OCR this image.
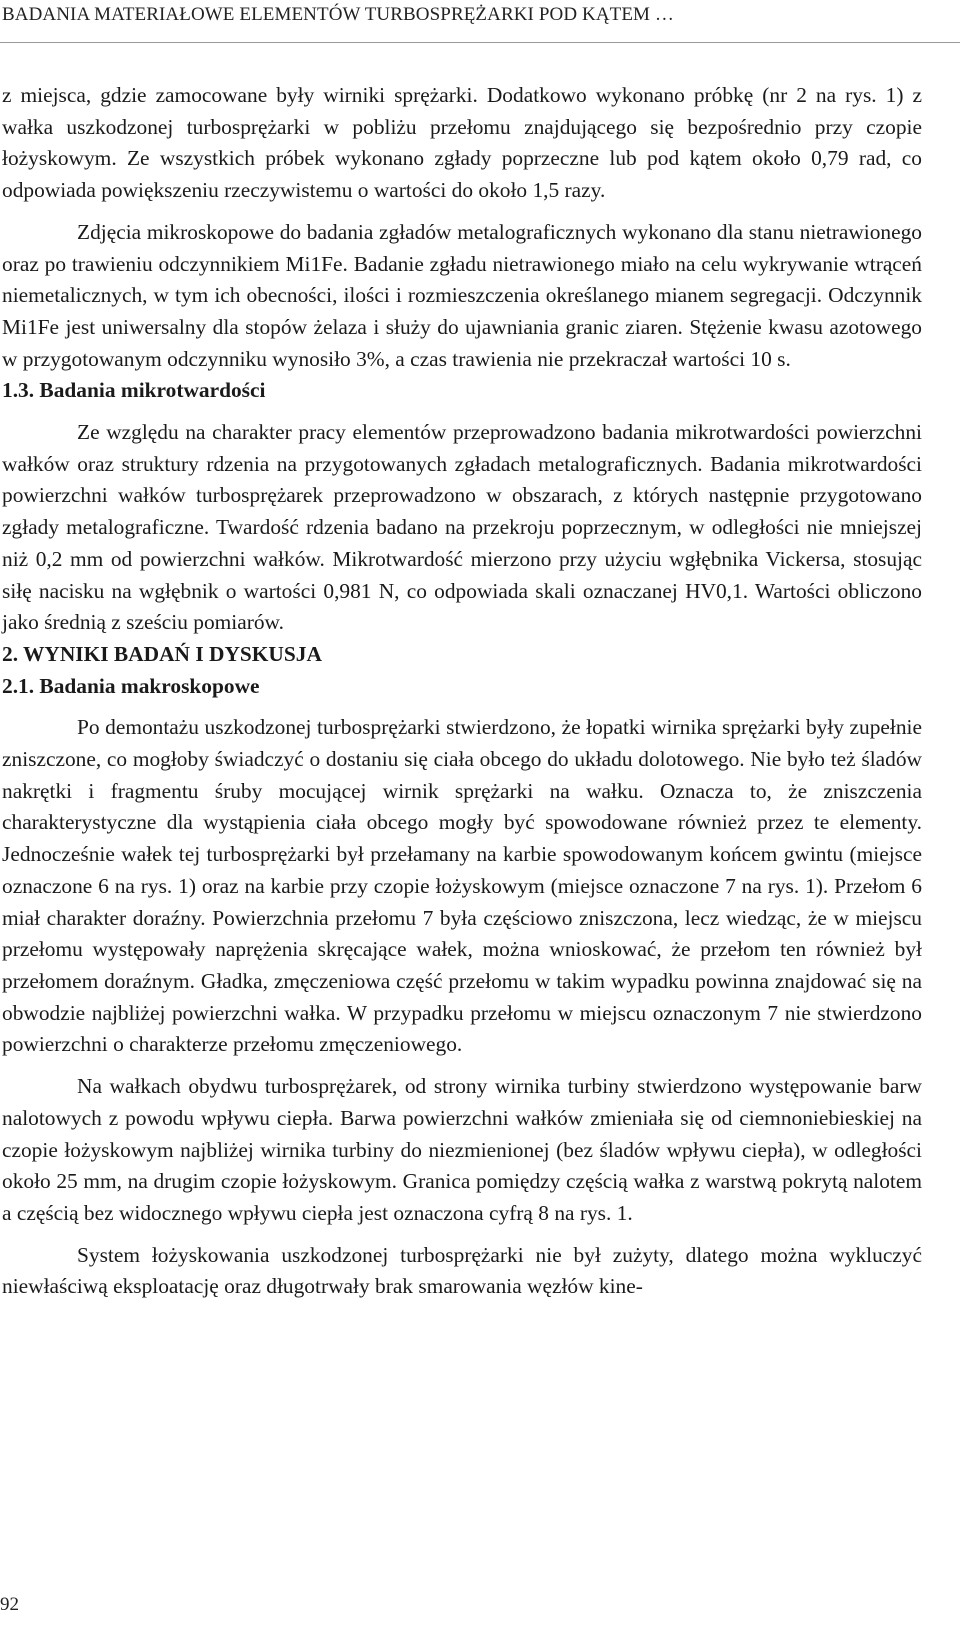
BADANIA MATERIAŁOWE ELEMENTÓW TURBOSPRĘŻARKI POD KĄTEM …

z miejsca, gdzie zamocowane były wirniki sprężarki. Dodatkowo wykonano próbkę (nr 2 na rys. 1) z wałka uszkodzonej turbosprężarki w pobliżu przełomu znajdującego się bezpośrednio przy czopie łożyskowym. Ze wszystkich próbek wykonano zgłady poprzeczne lub pod kątem około 0,79 rad, co odpowiada powiększeniu rzeczywistemu o wartości do około 1,5 razy.

Zdjęcia mikroskopowe do badania zgładów metalograficznych wykonano dla stanu nietrawionego oraz po trawieniu odczynnikiem Mi1Fe. Badanie zgładu nietrawionego miało na celu wykrywanie wtrąceń niemetalicznych, w tym ich obecności, ilości i rozmieszczenia określanego mianem segregacji. Odczynnik Mi1Fe jest uniwersalny dla stopów żelaza i służy do ujawniania granic ziaren. Stężenie kwasu azotowego w przygotowanym odczynniku wynosiło 3%, a czas trawienia nie przekraczał wartości 10 s.

1.3. Badania mikrotwardości

Ze względu na charakter pracy elementów przeprowadzono badania mikrotwardości powierzchni wałków oraz struktury rdzenia na przygotowanych zgładach metalograficznych. Badania mikrotwardości powierzchni wałków turbosprężarek przeprowadzono w obszarach, z których następnie przygotowano zgłady metalograficzne. Twardość rdzenia badano na przekroju poprzecznym, w odległości nie mniejszej niż 0,2 mm od powierzchni wałków. Mikrotwardość mierzono przy użyciu wgłębnika Vickersa, stosując siłę nacisku na wgłębnik o wartości 0,981 N, co odpowiada skali oznaczanej HV0,1. Wartości obliczono jako średnią z sześciu pomiarów.

2. WYNIKI BADAŃ I DYSKUSJA

2.1. Badania makroskopowe

Po demontażu uszkodzonej turbosprężarki stwierdzono, że łopatki wirnika sprężarki były zupełnie zniszczone, co mogłoby świadczyć o dostaniu się ciała obcego do układu dolotowego. Nie było też śladów nakrętki i fragmentu śruby mocującej wirnik sprężarki na wałku. Oznacza to, że zniszczenia charakterystyczne dla wystąpienia ciała obcego mogły być spowodowane również przez te elementy. Jednocześnie wałek tej turbosprężarki był przełamany na karbie spowodowanym końcem gwintu (miejsce oznaczone 6 na rys. 1) oraz na karbie przy czopie łożyskowym (miejsce oznaczone 7 na rys. 1). Przełom 6 miał charakter doraźny. Powierzchnia przełomu 7 była częściowo zniszczona, lecz wiedząc, że w miejscu przełomu występowały naprężenia skręcające wałek, można wnioskować, że przełom ten również był przełomem doraźnym. Gładka, zmęczeniowa część przełomu w takim wypadku powinna znajdować się na obwodzie najbliżej powierzchni wałka. W przypadku przełomu w miejscu oznaczonym 7 nie stwierdzono powierzchni o charakterze przełomu zmęczeniowego.

Na wałkach obydwu turbosprężarek, od strony wirnika turbiny stwierdzono występowanie barw nalotowych z powodu wpływu ciepła. Barwa powierzchni wałków zmieniała się od ciemnoniebieskiej na czopie łożyskowym najbliżej wirnika turbiny do niezmienionej (bez śladów wpływu ciepła), w odległości około 25 mm, na drugim czopie łożyskowym. Granica pomiędzy częścią wałka z warstwą pokrytą nalotem a częścią bez widocznego wpływu ciepła jest oznaczona cyfrą 8 na rys. 1.

System łożyskowania uszkodzonej turbosprężarki nie był zużyty, dlatego można wykluczyć niewłaściwą eksploatację oraz długotrwały brak smarowania węzłów kine-

92
